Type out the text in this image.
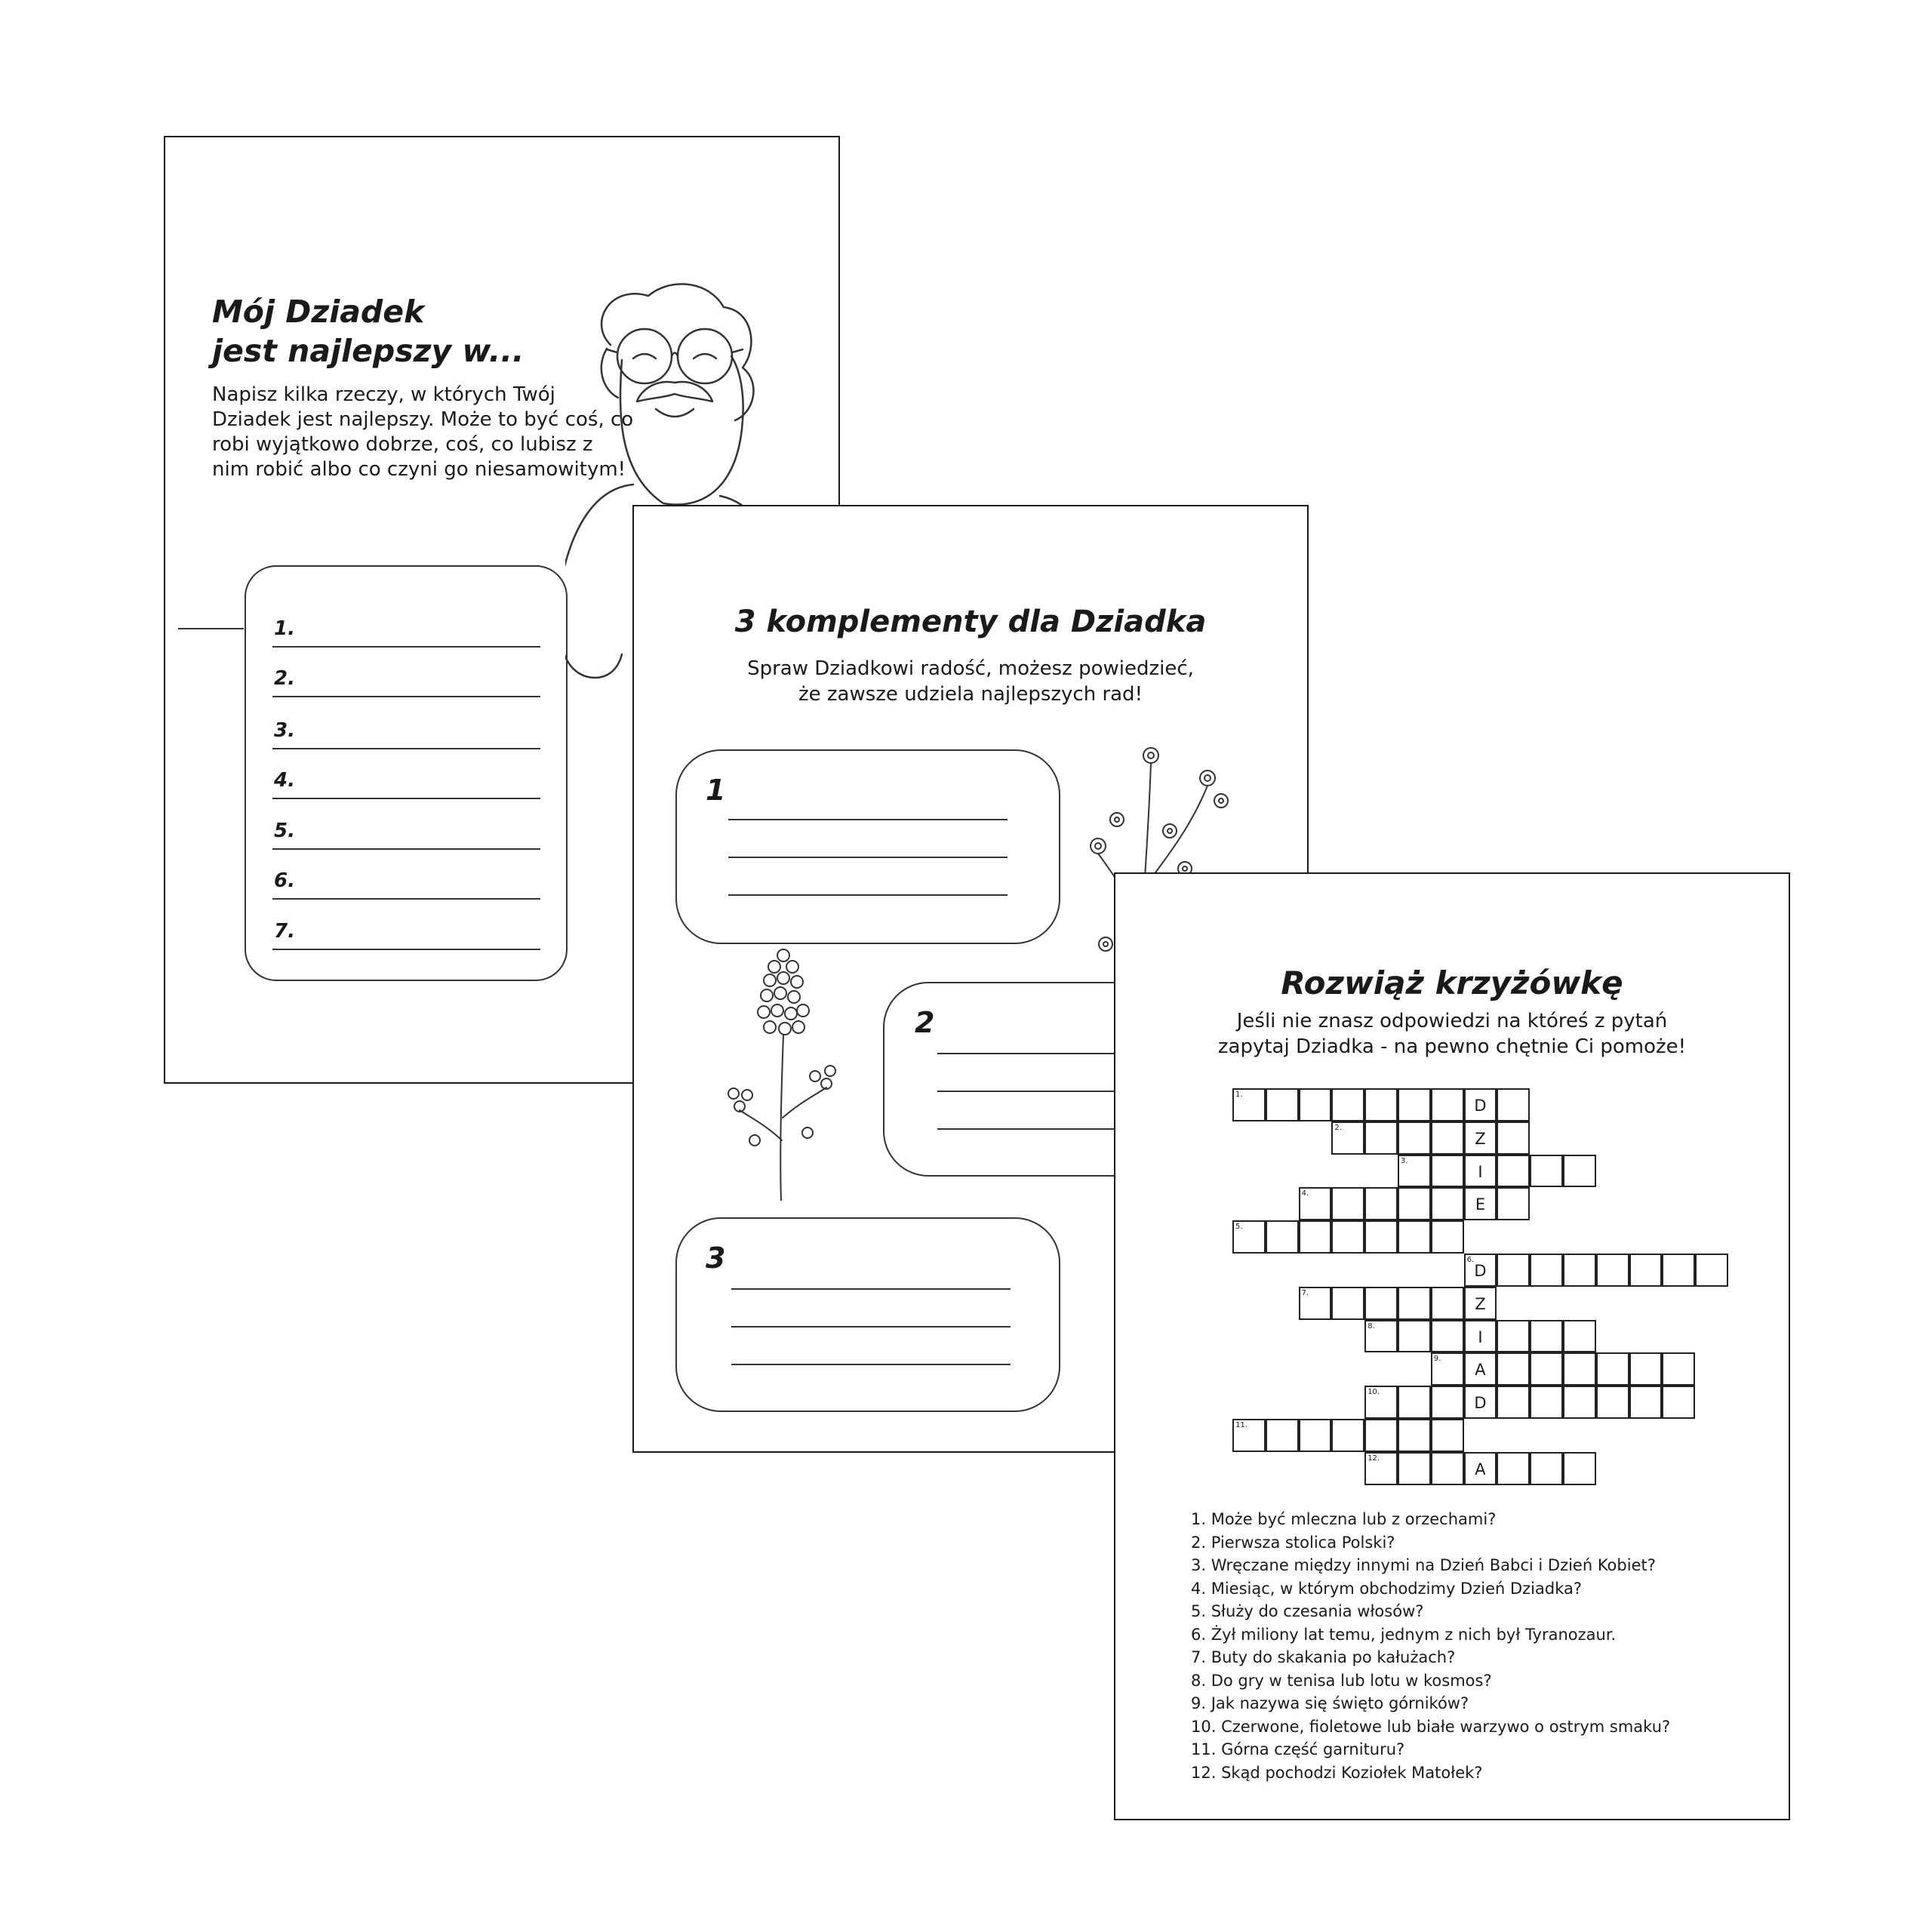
Mój Dziadek
jest najlepszy w...

Napisz kilka rzeczy, w których Twój Dziadek jest najlepszy. Może to być coś, co robi wyjątkowo dobrze, coś, co lubisz z nim robić albo co czyni go niesamowitym!

1.
2.
3.
4.
5.
6.
7.
3 komplementy dla Dziadka
Spraw Dziadkowi radość, możesz powiedzieć,
że zawsze udziela najlepszych rad!
1
2
3
Rozwiąż krzyżówkę
Jeśli nie znasz odpowiedzi na któreś z pytań
zapytaj Dziadka - na pewno chętnie Ci pomoże!
1.
D
2.
Z
3.
I
4.
E
5.
6.
D
7.
Z
8.
I
9.
A
10.
D
11.
12.
A
1. Może być mleczna lub z orzechami?
2. Pierwsza stolica Polski?
3. Wręczane między innymi na Dzień Babci i Dzień Kobiet?
4. Miesiąc, w którym obchodzimy Dzień Dziadka?
5. Służy do czesania włosów?
6. Żył miliony lat temu, jednym z nich był Tyranozaur.
7. Buty do skakania po kałużach?
8. Do gry w tenisa lub lotu w kosmos?
9. Jak nazywa się święto górników?
10. Czerwone, fioletowe lub białe warzywo o ostrym smaku?
11. Górna część garnituru?
12. Skąd pochodzi Koziołek Matołek?
